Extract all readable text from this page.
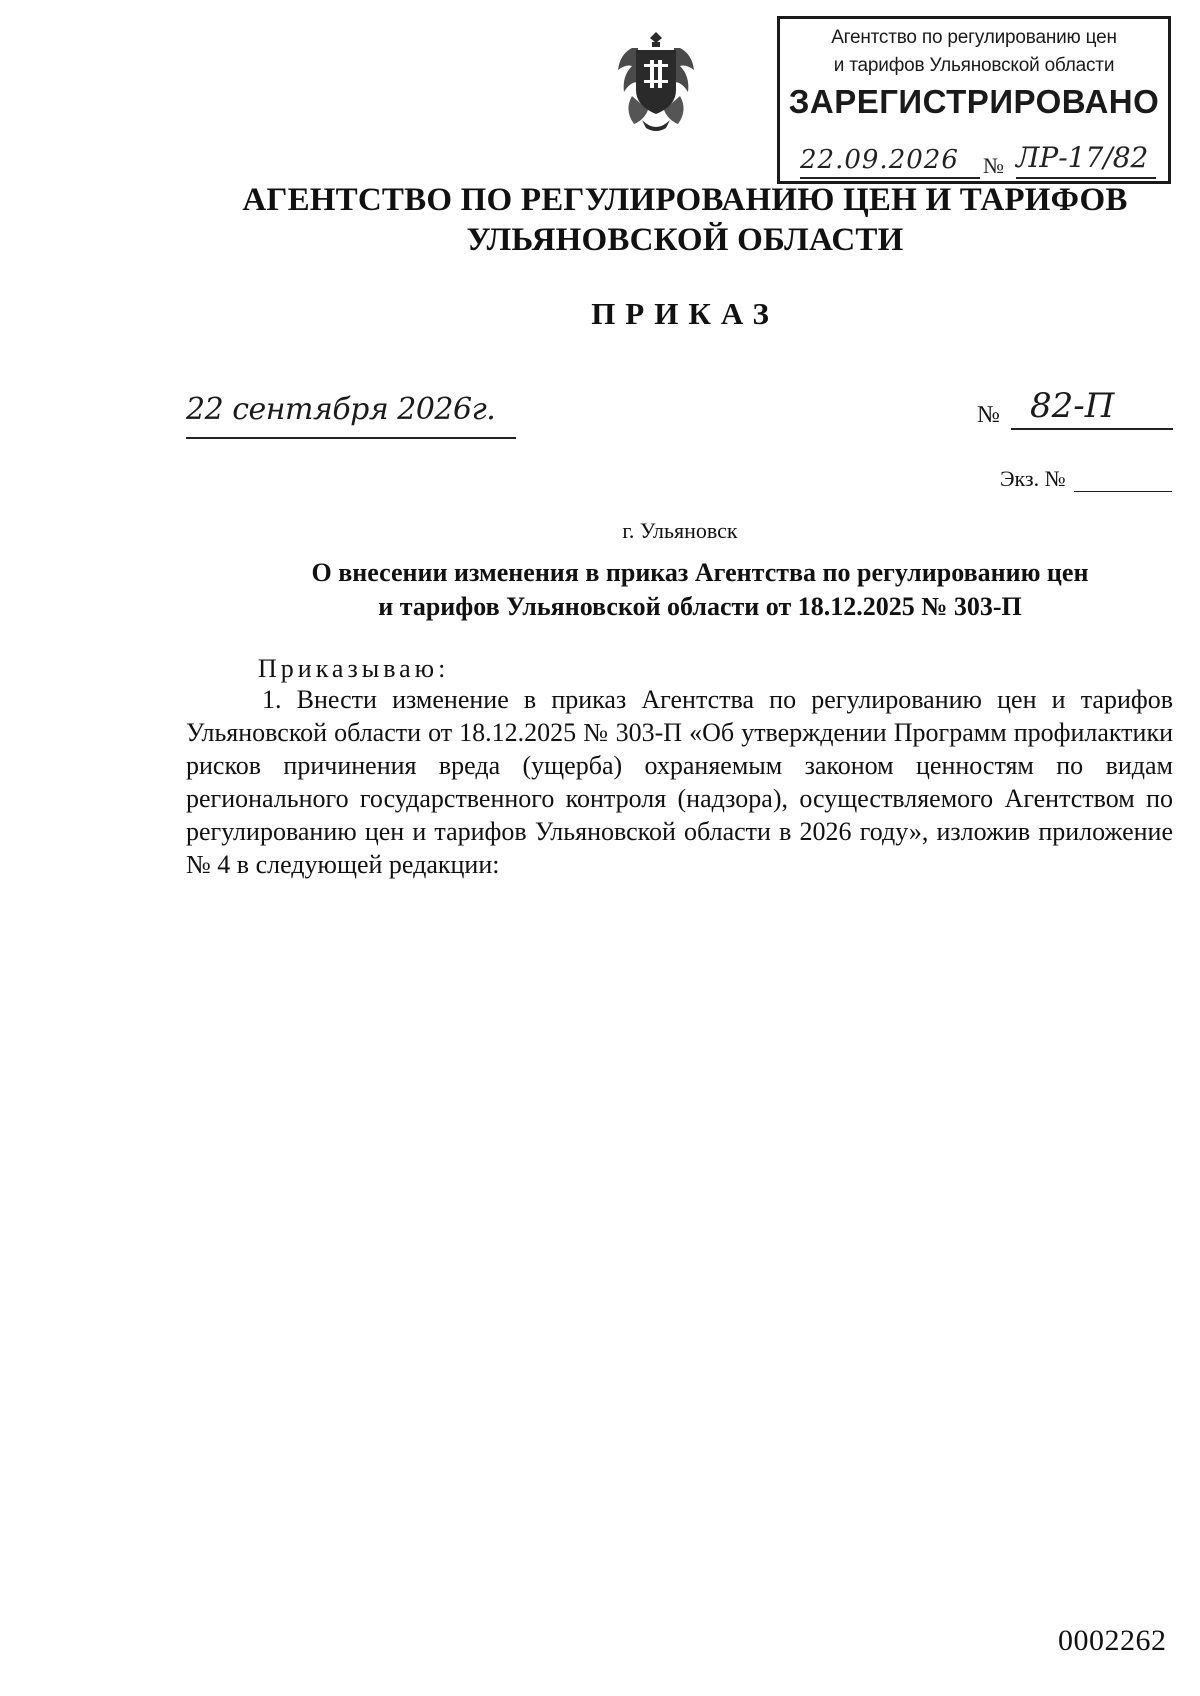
Агентство по регулированию цен
и тарифов Ульяновской области
ЗАРЕГИСТРИРОВАНО
22.09.2026	№ ЛР-17/82
АГЕНТСТВО ПО РЕГУЛИРОВАНИЮ ЦЕН И ТАРИФОВ
УЛЬЯНОВСКОЙ ОБЛАСТИ
ПРИКАЗ
22 сентября 2026г.	№ 82-П
Экз. №
г. Ульяновск
О внесении изменения в приказ Агентства по регулированию цен
и тарифов Ульяновской области от 18.12.2025 № 303-П
Приказываю:

1. Внести изменение в приказ Агентства по регулированию цен и тарифов Ульяновской области от 18.12.2025 № 303-П «Об утверждении Программ профилактики рисков причинения вреда (ущерба) охраняемым законом ценностям по видам регионального государственного контроля (надзора), осуществляемого Агентством по регулированию цен и тарифов Ульяновской области в 2026 году», изложив приложение № 4 в следующей редакции:

0002262
